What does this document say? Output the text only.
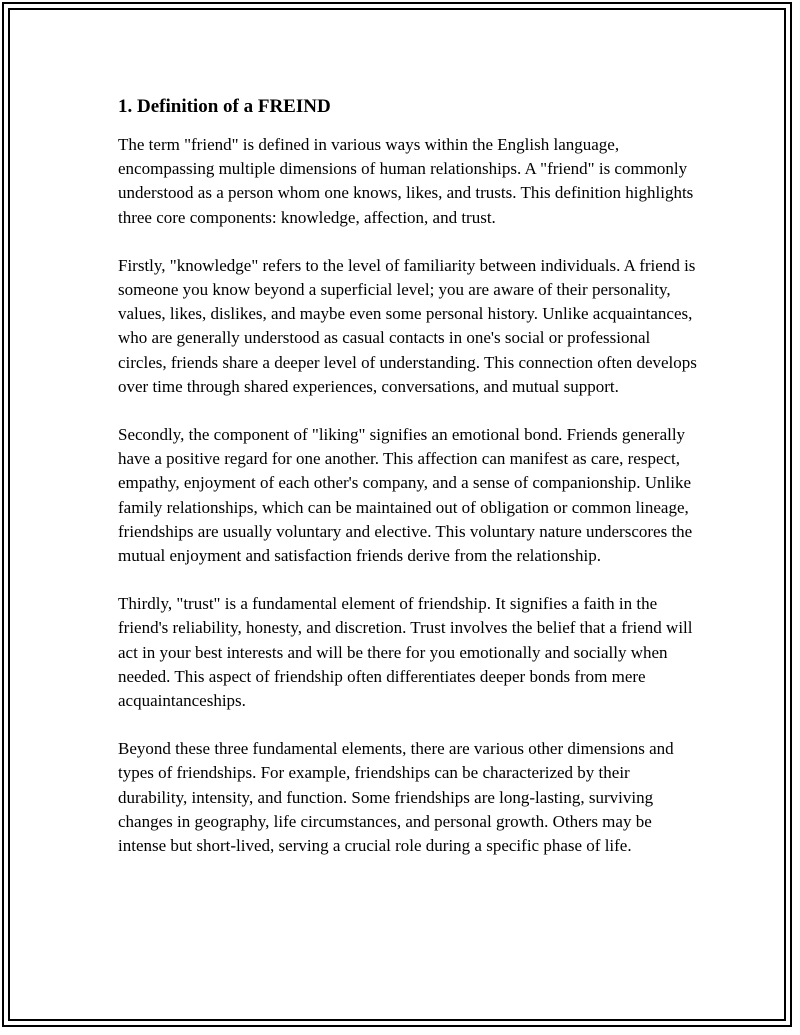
1. Definition of a FREIND

The term "friend" is defined in various ways within the English language, encompassing multiple dimensions of human relationships. A "friend" is commonly understood as a person whom one knows, likes, and trusts. This definition highlights three core components: knowledge, affection, and trust.

Firstly, "knowledge" refers to the level of familiarity between individuals. A friend is someone you know beyond a superficial level; you are aware of their personality, values, likes, dislikes, and maybe even some personal history. Unlike acquaintances, who are generally understood as casual contacts in one's social or professional circles, friends share a deeper level of understanding. This connection often develops over time through shared experiences, conversations, and mutual support.

Secondly, the component of "liking" signifies an emotional bond. Friends generally have a positive regard for one another. This affection can manifest as care, respect, empathy, enjoyment of each other's company, and a sense of companionship. Unlike family relationships, which can be maintained out of obligation or common lineage, friendships are usually voluntary and elective. This voluntary nature underscores the mutual enjoyment and satisfaction friends derive from the relationship.

Thirdly, "trust" is a fundamental element of friendship. It signifies a faith in the friend's reliability, honesty, and discretion. Trust involves the belief that a friend will act in your best interests and will be there for you emotionally and socially when needed. This aspect of friendship often differentiates deeper bonds from mere acquaintanceships.

Beyond these three fundamental elements, there are various other dimensions and types of friendships. For example, friendships can be characterized by their durability, intensity, and function. Some friendships are long-lasting, surviving changes in geography, life circumstances, and personal growth. Others may be intense but short-lived, serving a crucial role during a specific phase of life.
